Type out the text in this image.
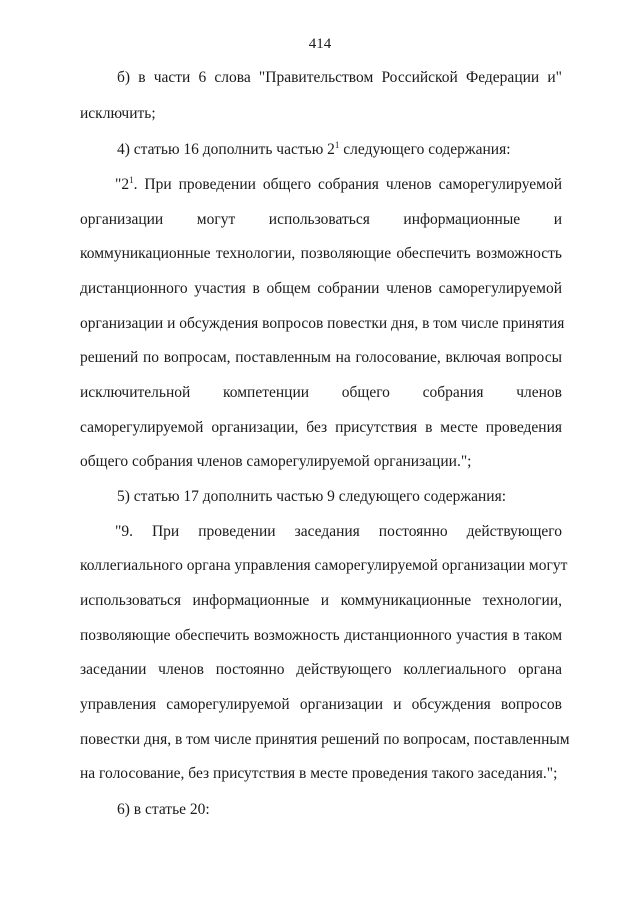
414
б) в части 6 слова "Правительством Российской Федерации и"
исключить;
4) статью 16 дополнить частью $2^1$ следующего содержания:
"$2^1$. При проведении общего собрания членов саморегулируемой
организации могут использоваться информационные и
коммуникационные технологии, позволяющие обеспечить возможность
дистанционного участия в общем собрании членов саморегулируемой
организации и обсуждения вопросов повестки дня, в том числе принятия
решений по вопросам, поставленным на голосование, включая вопросы
исключительной компетенции общего собрания членов
саморегулируемой организации, без присутствия в месте проведения
общего собрания членов саморегулируемой организации.";
5) статью 17 дополнить частью 9 следующего содержания:
"9. При проведении заседания постоянно действующего
коллегиального органа управления саморегулируемой организации могут
использоваться информационные и коммуникационные технологии,
позволяющие обеспечить возможность дистанционного участия в таком
заседании членов постоянно действующего коллегиального органа
управления саморегулируемой организации и обсуждения вопросов
повестки дня, в том числе принятия решений по вопросам, поставленным
на голосование, без присутствия в месте проведения такого заседания.";
6) в статье 20:
